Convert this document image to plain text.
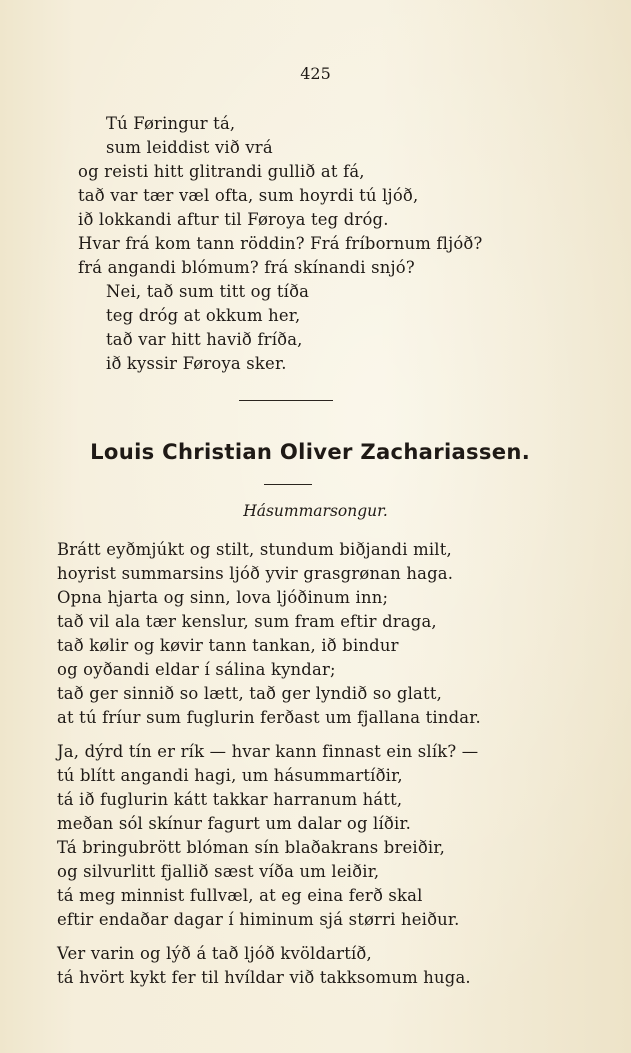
425
Tú Føringur tá,
sum leiddist við vrá
og reisti hitt glitrandi gullið at fá,
tað var tær væl ofta, sum hoyrdi tú ljóð,
ið lokkandi aftur til Føroya teg dróg.
Hvar frá kom tann röddin? Frá fríbornum fljóð?
frá angandi blómum? frá skínandi snjó?
Nei, tað sum titt og tíða
teg dróg at okkum her,
tað var hitt havið fríða,
ið kyssir Føroya sker.
Louis Christian Oliver Zachariassen.
Hásummarsongur.
Brátt eyðmjúkt og stilt, stundum biðjandi milt,
hoyrist summarsins ljóð yvir grasgrønan haga.
Opna hjarta og sinn, lova ljóðinum inn;
tað vil ala tær kenslur, sum fram eftir draga,
tað kølir og køvir tann tankan, ið bindur
og oyðandi eldar í sálina kyndar;
tað ger sinnið so lætt, tað ger lyndið so glatt,
at tú fríur sum fuglurin ferðast um fjallana tindar.
Ja, dýrd tín er rík — hvar kann finnast ein slík? —
tú blítt angandi hagi, um hásummartíðir,
tá ið fuglurin kátt takkar harranum hátt,
meðan sól skínur fagurt um dalar og líðir.
Tá bringubrött blóman sín blaðakrans breiðir,
og silvurlitt fjallið sæst víða um leiðir,
tá meg minnist fullvæl, at eg eina ferð skal
eftir endaðar dagar í himinum sjá størri heiður.
Ver varin og lýð á tað ljóð kvöldartíð,
tá hvört kykt fer til hvíldar við takksomum huga.
